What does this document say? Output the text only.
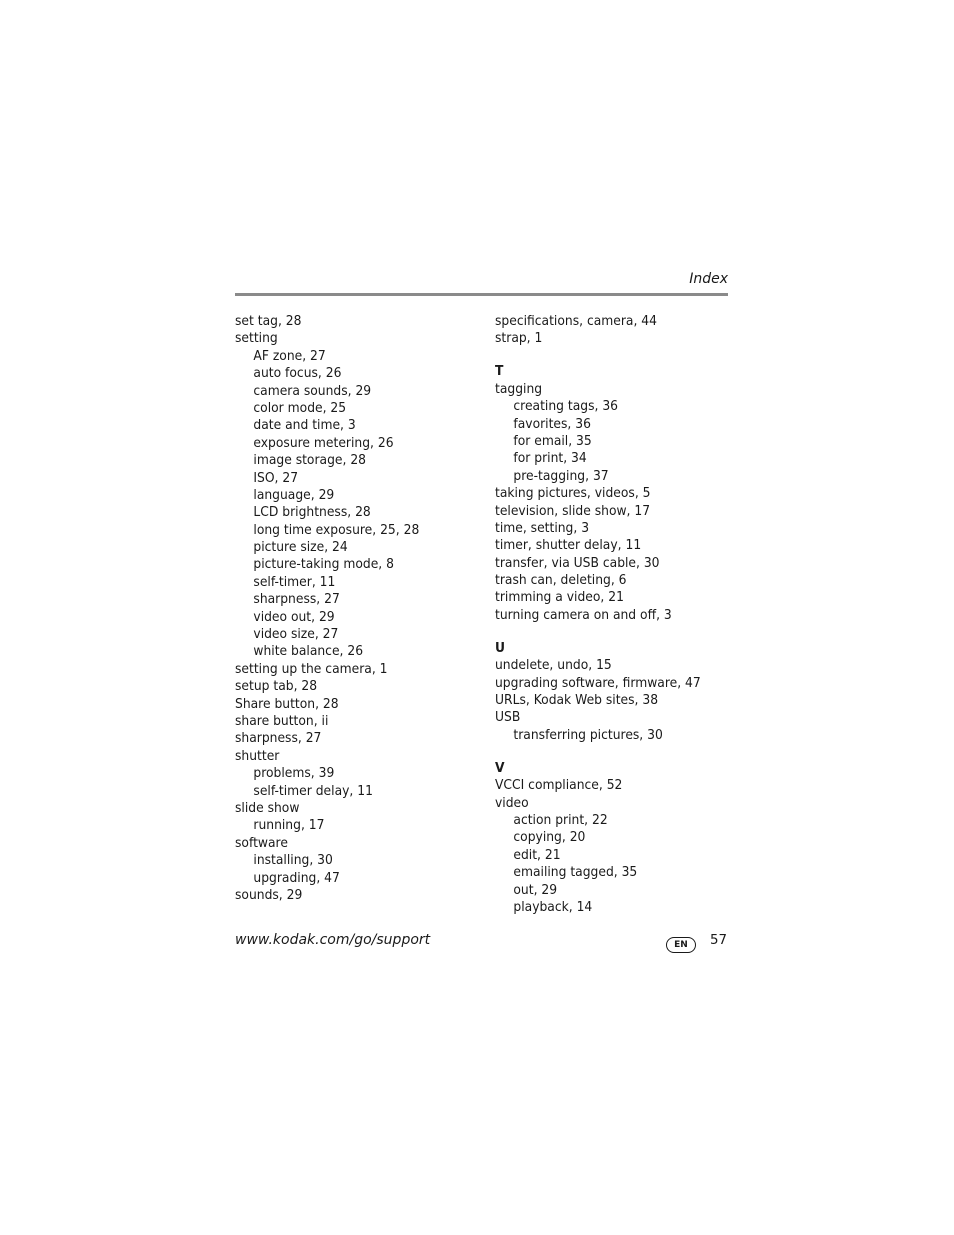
Index
set tag, 28
setting
AF zone, 27
auto focus, 26
camera sounds, 29
color mode, 25
date and time, 3
exposure metering, 26
image storage, 28
ISO, 27
language, 29
LCD brightness, 28
long time exposure, 25, 28
picture size, 24
picture-taking mode, 8
self-timer, 11
sharpness, 27
video out, 29
video size, 27
white balance, 26
setting up the camera, 1
setup tab, 28
Share button, 28
share button, ii
sharpness, 27
shutter
problems, 39
self-timer delay, 11
slide show
running, 17
software
installing, 30
upgrading, 47
sounds, 29
specifications, camera, 44
strap, 1
T
tagging
creating tags, 36
favorites, 36
for email, 35
for print, 34
pre-tagging, 37
taking pictures, videos, 5
television, slide show, 17
time, setting, 3
timer, shutter delay, 11
transfer, via USB cable, 30
trash can, deleting, 6
trimming a video, 21
turning camera on and off, 3
U
undelete, undo, 15
upgrading software, firmware, 47
URLs, Kodak Web sites, 38
USB
transferring pictures, 30
V
VCCI compliance, 52
video
action print, 22
copying, 20
edit, 21
emailing tagged, 35
out, 29
playback, 14
www.kodak.com/go/support	EN	57
